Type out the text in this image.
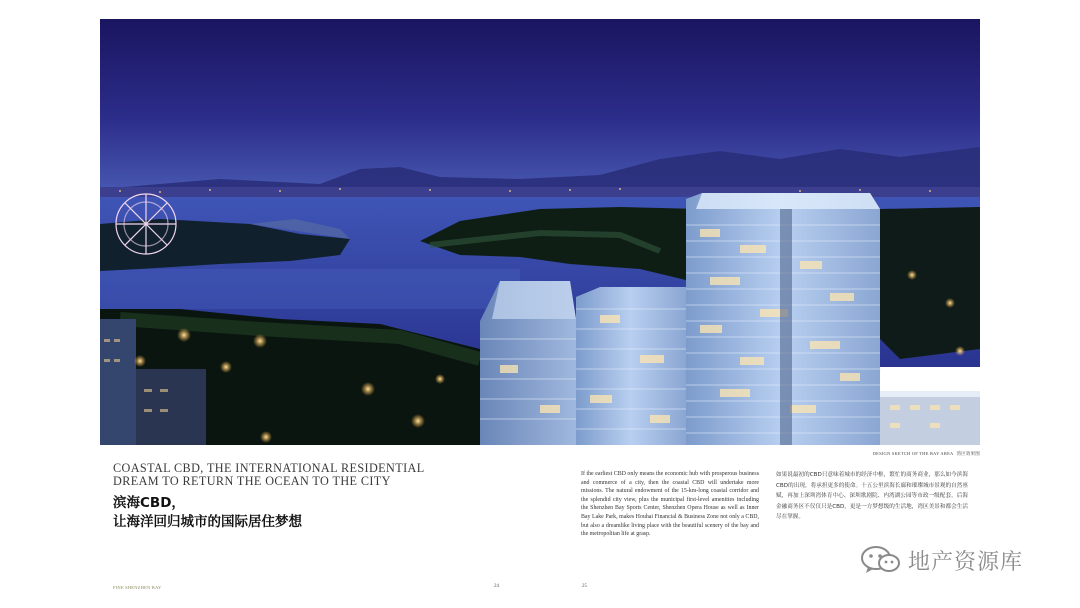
DESIGN SKETCH OF THE BAY AREA 湾区效果图
COASTAL CBD, THE INTERNATIONAL RESIDENTIAL
DREAM TO RETURN THE OCEAN TO THE CITY
滨海CBD，
让海洋回归城市的国际居住梦想
If the earliest CBD only means the economic hub with prosperous business and commerce of a city, then the coastal CBD will undertake more missions. The natural endowment of the 15-km-long coastal corridor and the splendid city view, plus the municipal first-level amenities including the Shenzhen Bay Sports Center, Shenzhen Opera House as well as Inner Bay Lake Park, makes Houhai Financial & Business Zone not only a CBD, but also a dreamlike living place with the beautiful scenery of the bay and the metropolitan life at grasp.
如果说最初的CBD只意味着城市的经济中枢，繁忙的商务商业，那么如今滨海CBD的出现，将承担更多的使命。十五公里滨海长廊和璀璨城市景观的自然禀赋，再加上深圳湾体育中心、深圳歌剧院、内湾湖公园等市政一级配套，后海金融商务区不仅仅只是CBD，更是一方梦想级的生活地，湾区美景和都会生活尽在掌握。
FINE SHENZHEN BAY	24	25
地产资源库
